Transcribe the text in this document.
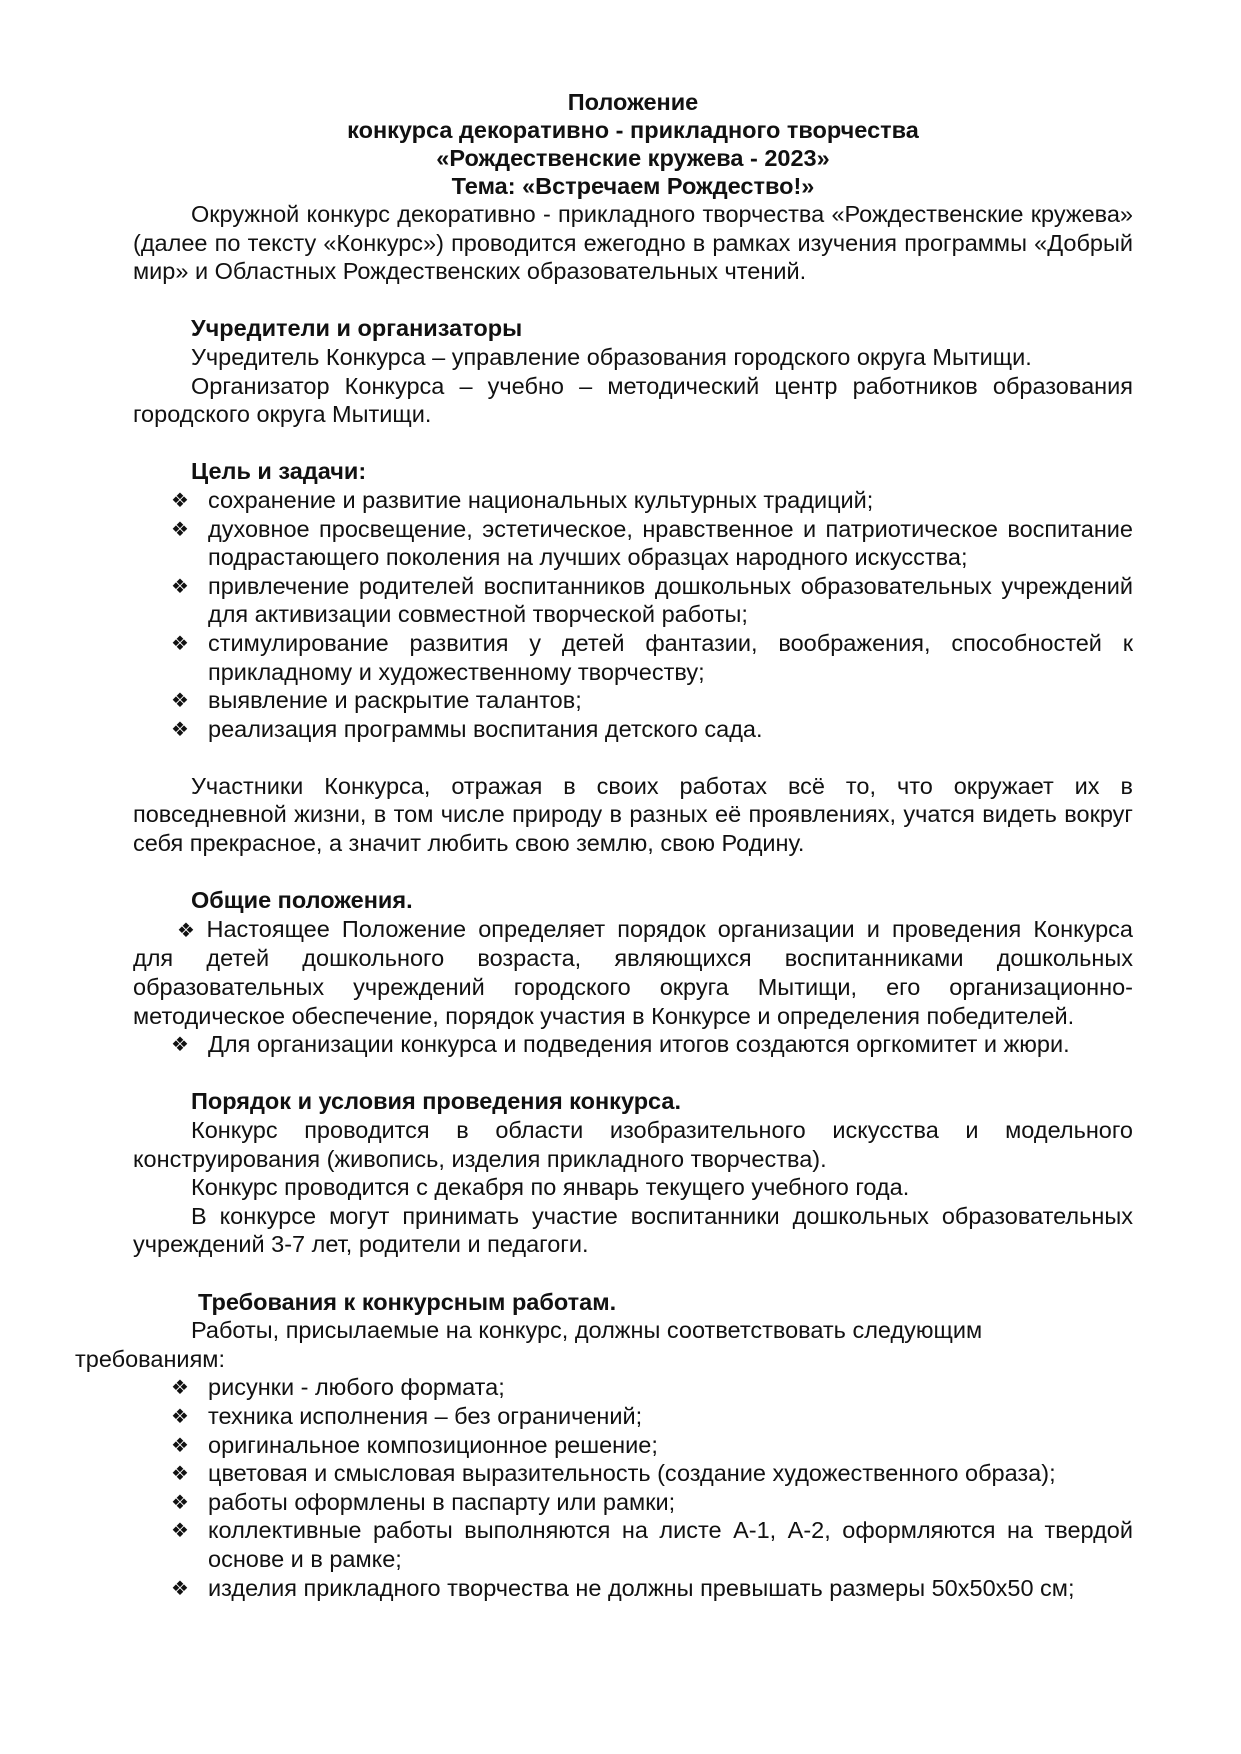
Положение
конкурса декоративно - прикладного творчества
«Рождественские кружева - 2023»
Тема: «Встречаем Рождество!»

Окружной конкурс декоративно - прикладного творчества «Рождественские кружева» (далее по тексту «Конкурс») проводится ежегодно в рамках изучения программы «Добрый мир» и Областных Рождественских образовательных чтений.

Учредители и организаторы

Учредитель Конкурса – управление образования городского округа Мытищи.

Организатор Конкурса – учебно – методический центр работников образования городского округа Мытищи.

Цель и задачи:
❖ сохранение и развитие национальных культурных традиций;
❖ духовное просвещение, эстетическое, нравственное и патриотическое воспитание подрастающего поколения на лучших образцах народного искусства;
❖ привлечение родителей воспитанников дошкольных образовательных учреждений для активизации совместной творческой работы;
❖ стимулирование развития у детей фантазии, воображения, способностей к прикладному и художественному творчеству;
❖ выявление и раскрытие талантов;
❖ реализация программы воспитания детского сада.

Участники Конкурса, отражая в своих работах всё то, что окружает их в повседневной жизни, в том числе природу в разных её проявлениях, учатся видеть вокруг себя прекрасное, а значит любить свою землю, свою Родину.

Общие положения.

❖ Настоящее Положение определяет порядок организации и проведения Конкурса для детей дошкольного возраста, являющихся воспитанниками дошкольных образовательных учреждений городского округа Мытищи, его организационно-методическое обеспечение, порядок участия в Конкурсе и определения победителей.

❖ Для организации конкурса и подведения итогов создаются оргкомитет и жюри.
Порядок и условия проведения конкурса.

Конкурс проводится в области изобразительного искусства и модельного конструирования (живопись, изделия прикладного творчества).

Конкурс проводится с декабря по январь текущего учебного года.

В конкурсе могут принимать участие воспитанники дошкольных образовательных учреждений 3-7 лет, родители и педагоги.

Требования к конкурсным работам.

Работы, присылаемые на конкурс, должны соответствовать следующим
требованиям:

❖ рисунки - любого формата;
❖ техника исполнения – без ограничений;
❖ оригинальное композиционное решение;
❖ цветовая и смысловая выразительность (создание художественного образа);
❖ работы оформлены в паспарту или рамки;
❖ коллективные работы выполняются на листе А-1, А-2, оформляются на твердой основе и в рамке;
❖ изделия прикладного творчества не должны превышать размеры 50х50х50 см;
